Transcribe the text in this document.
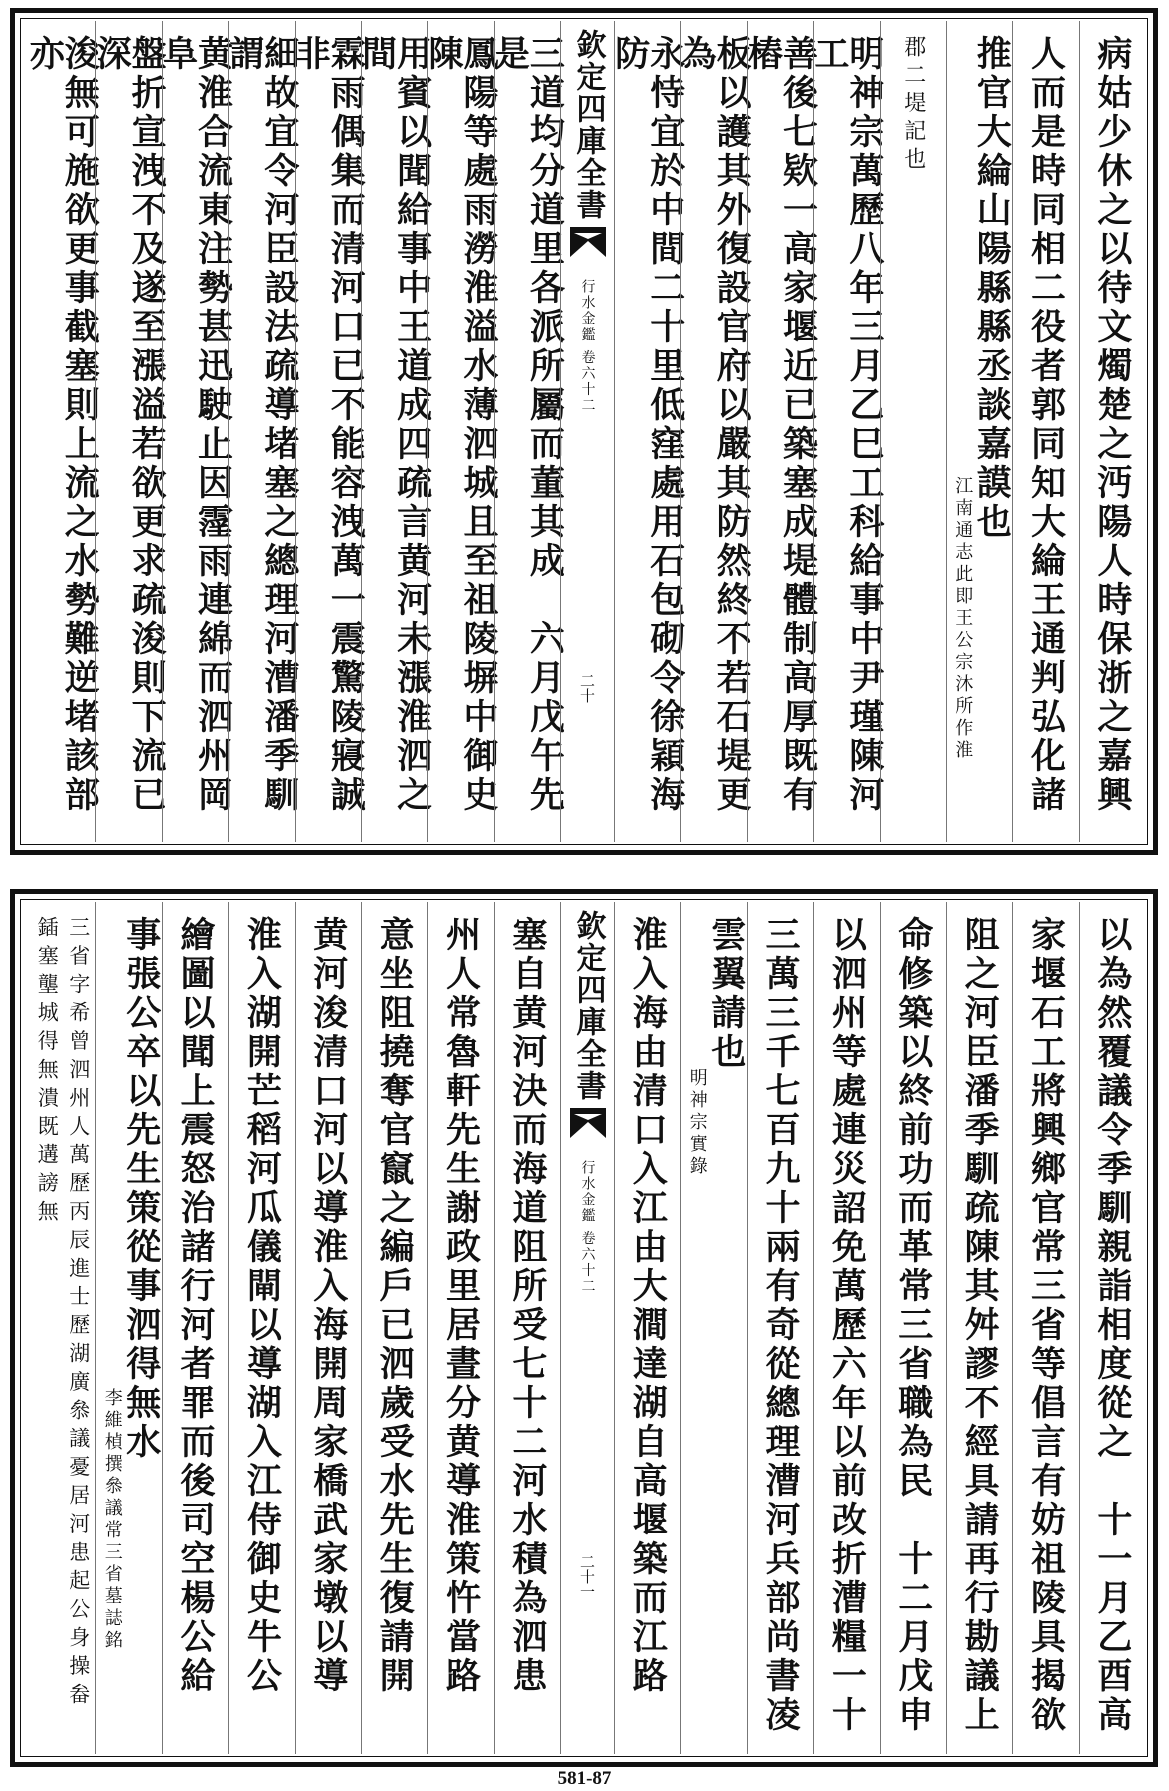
病姑少休之以待文燭楚之沔陽人時保浙之嘉興
人而是時同相二役者郭同知大綸王通判弘化諸
推官大綸山陽縣縣丞談嘉謨也
江南通志此即王公宗沐所作淮
郡二堤記也
明神宗萬歷八年三月乙巳工科給事中尹瑾陳河工
善後七欵一高家堰近已築塞成堤體制高厚既有樁
板以護其外復設官府以嚴其防然終不若石堤更為
永恃宜於中間二十里低窪處用石包砌令徐穎海防
欽定四庫全書
行水金鑑 卷六十二
二十
三道均分道里各派所屬而董其成　六月戊午先是
鳳陽等處雨澇淮溢水薄泗城且至祖陵塀中御史陳
用賓以聞給事中王道成四疏言黄河未漲淮泗之間
霖雨偶集而清河口已不能容洩萬一震驚陵寢誠非
細故宜令河臣設法疏導堵塞之總理河漕潘季馴謂
黄淮合流東注勢甚迅駛止因霪雨連綿而泗州岡阜
盤折宣洩不及遂至漲溢若欲更求疏浚則下流已深
浚無可施欲更事截塞則上流之水勢難逆堵該部亦
以為然覆議令季馴親詣相度從之　十一月乙酉高
家堰石工將興鄉官常三省等倡言有妨祖陵具揭欲
阻之河臣潘季馴疏陳其舛謬不經具請再行勘議上
命修築以終前功而革常三省職為民　十二月戊申
以泗州等處連災詔免萬歷六年以前改折漕糧一十
三萬三千七百九十兩有奇從總理漕河兵部尚書凌
雲翼請也
明神宗實錄
淮入海由清口入江由大澗達湖自高堰築而江路
欽定四庫全書
行水金鑑 卷六十二
二十一
塞自黄河決而海道阻所受七十二河水積為泗患
州人常魯軒先生謝政里居晝分黄導淮策忤當路
意坐阻撓奪官竄之編戶已泗歲受水先生復請開
黄河浚清口河以導淮入海開周家橋武家墩以導
淮入湖開芒稻河瓜儀閘以導湖入江侍御史牛公
繪圖以聞上震怒治諸行河者罪而後司空楊公給
事張公卒以先生策從事泗得無水
李維楨撰叅議常三省墓誌銘
三省字希曾泗州人萬歷丙辰進士歷湖廣叅議憂居河患起公身操畚鍤塞壟城得無潰既遘謗無
581-87
